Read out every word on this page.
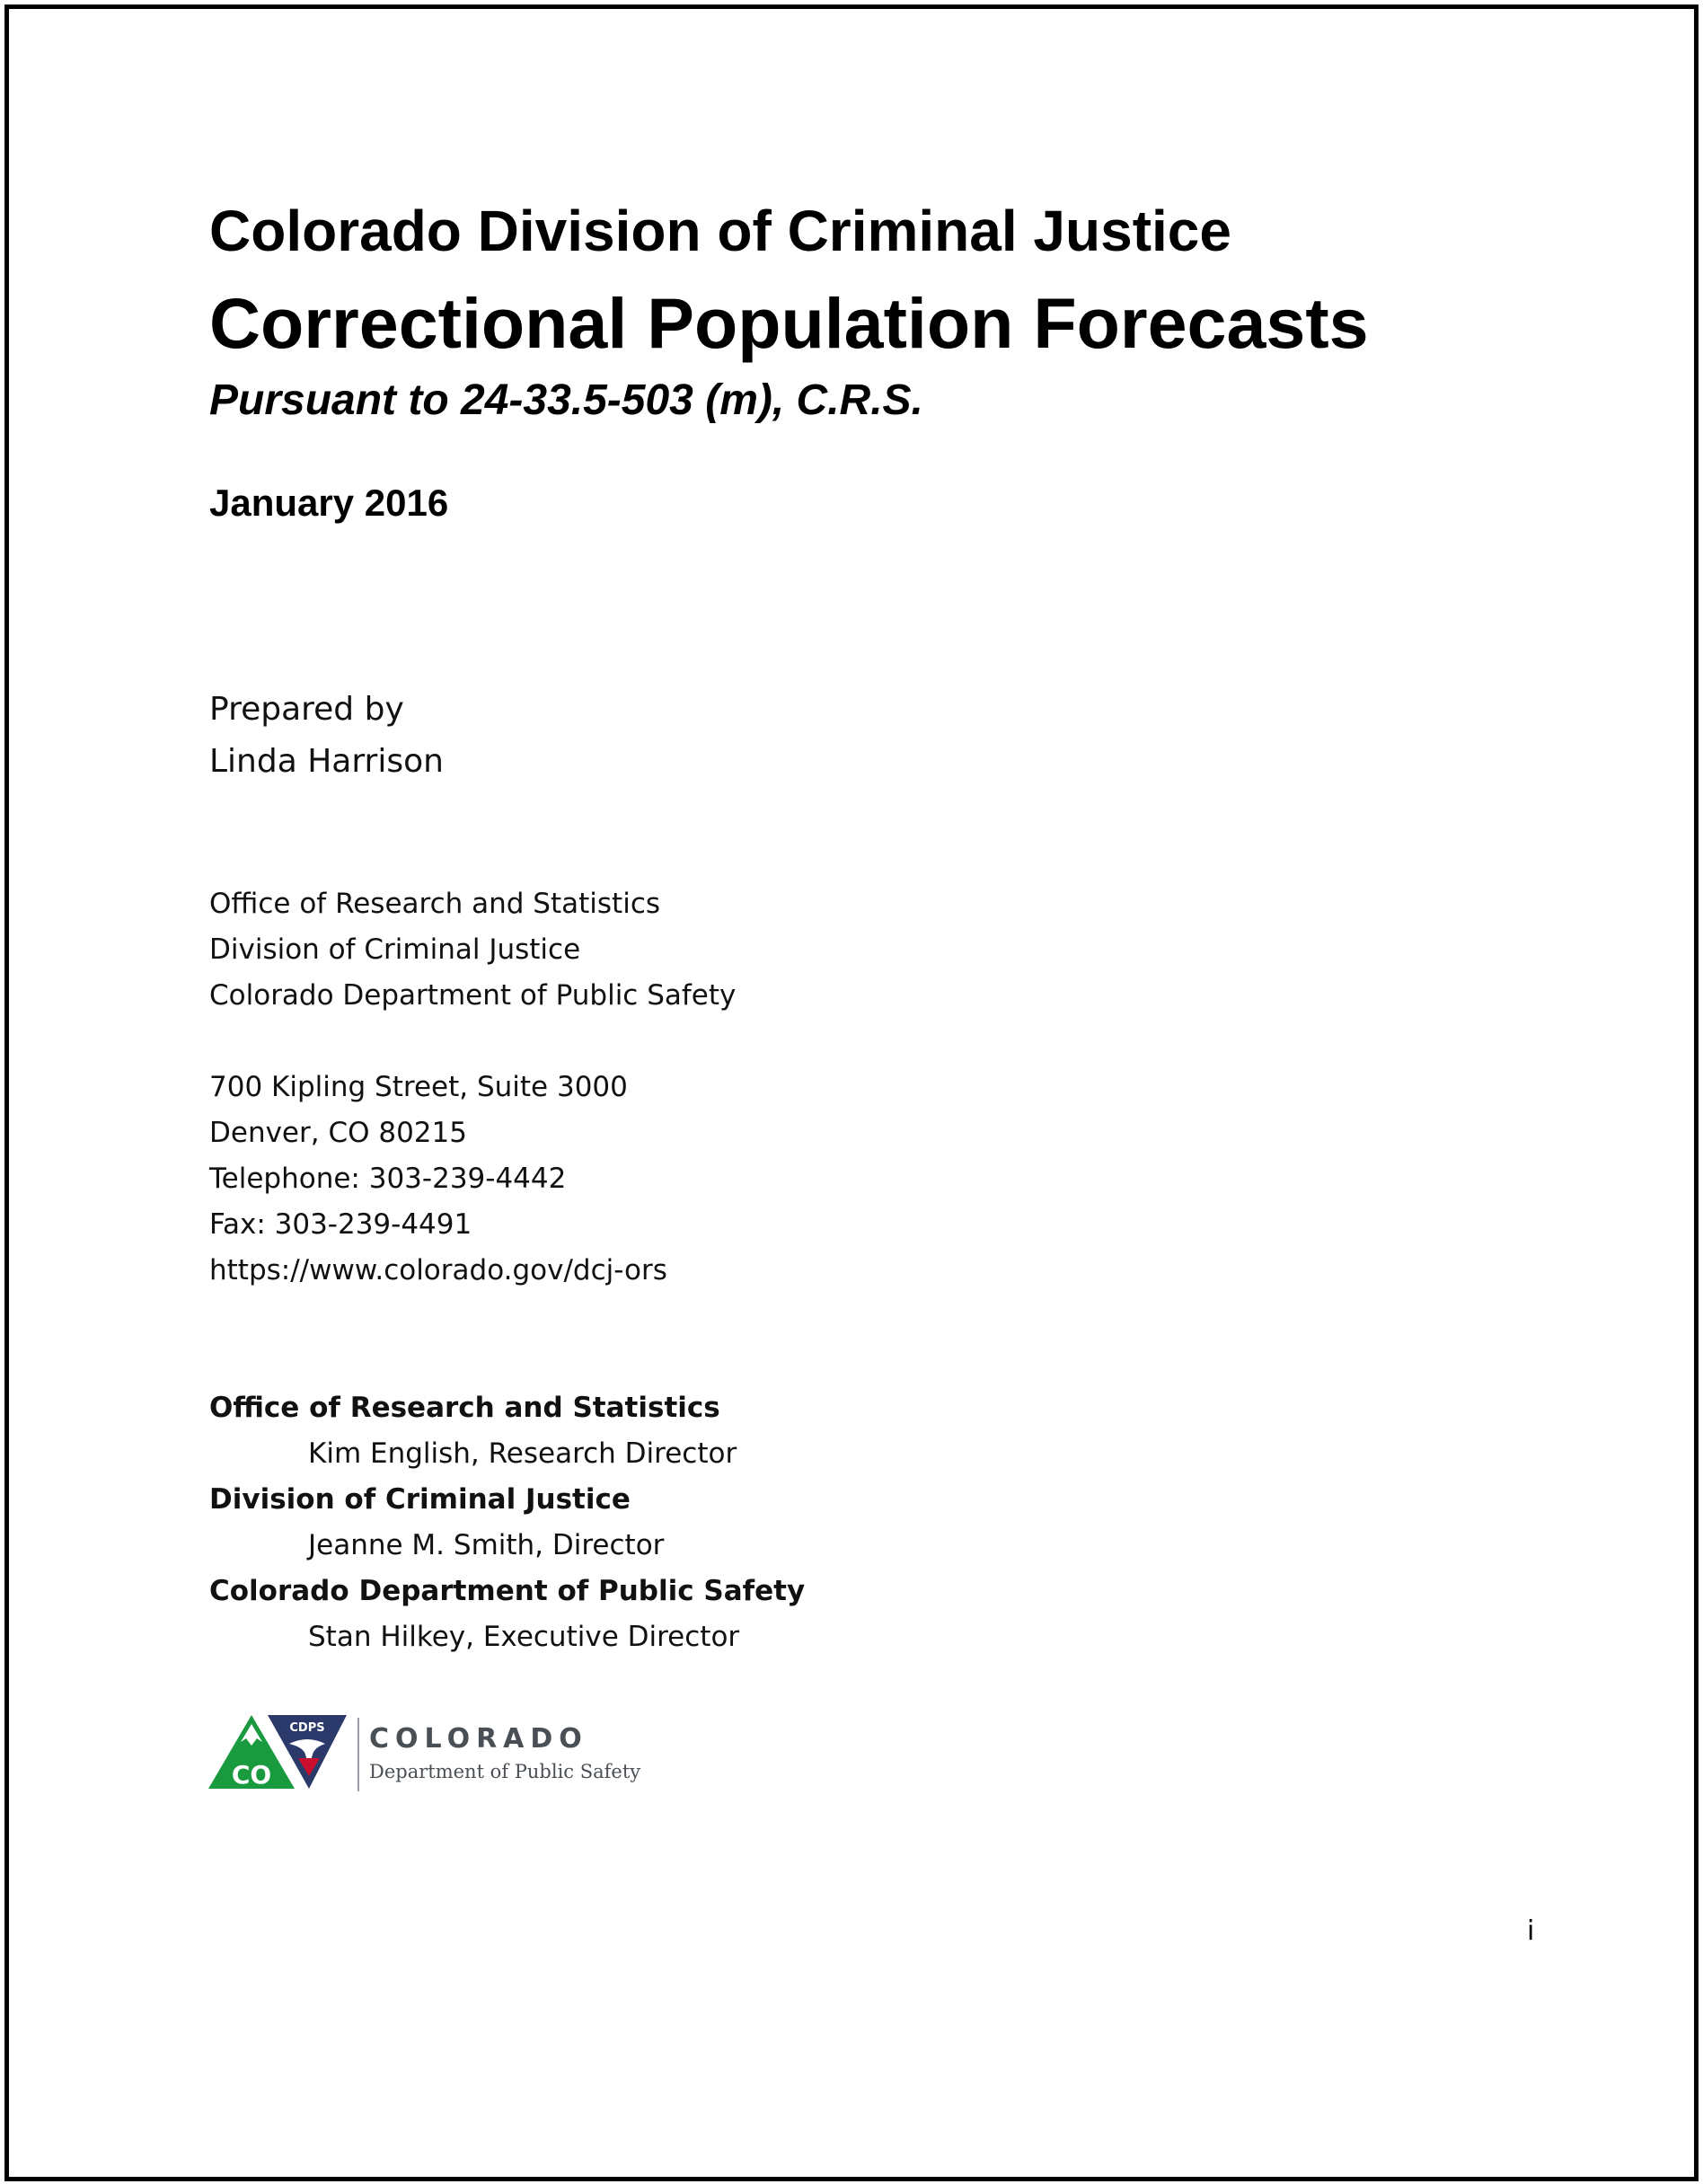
Colorado Division of Criminal Justice
Correctional Population Forecasts
Pursuant to 24-33.5-503 (m), C.R.S.
January 2016
Prepared by
Linda Harrison
Office of Research and Statistics
Division of Criminal Justice
Colorado Department of Public Safety
700 Kipling Street, Suite 3000
Denver, CO 80215
Telephone: 303-239-4442
Fax: 303-239-4491
https://www.colorado.gov/dcj-ors
Office of Research and Statistics
Kim English, Research Director
Division of Criminal Justice
Jeanne M. Smith, Director
Colorado Department of Public Safety
Stan Hilkey, Executive Director
CO
CDPS COLORADO
Department of Public Safety
i
